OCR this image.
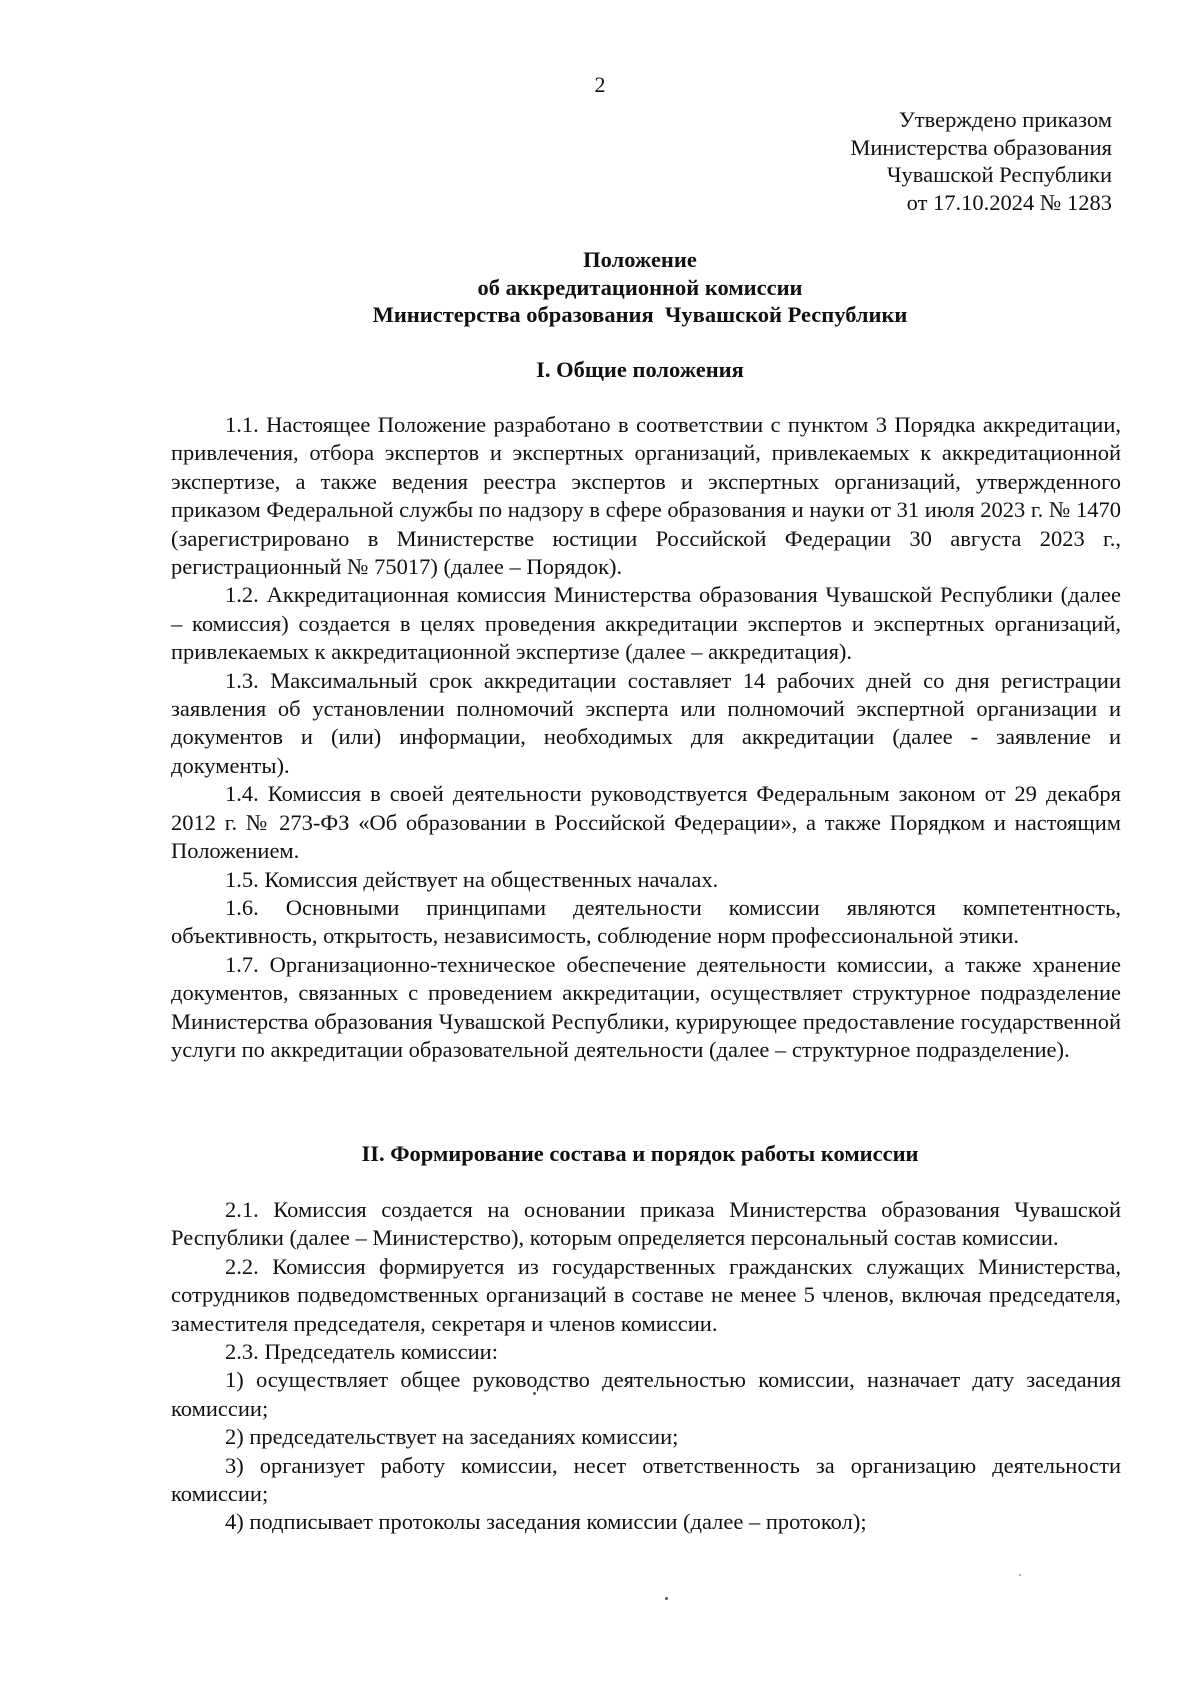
2
Утверждено приказом
Министерства образования
Чувашской Республики
от 17.10.2024 № 1283
Положение
об аккредитационной комиссии
Министерства образования  Чувашской Республики
I. Общие положения

1.1. Настоящее Положение разработано в соответствии с пунктом 3 Порядка аккредитации, привлечения, отбора экспертов и экспертных организаций, привлекаемых к аккредитационной экспертизе, а также ведения реестра экспертов и экспертных организаций, утвержденного приказом Федеральной службы по надзору в сфере образования и науки от 31 июля 2023 г. № 1470 (зарегистрировано в Министерстве юстиции Российской Федерации 30 августа 2023 г., регистрационный № 75017) (далее – Порядок).

1.2. Аккредитационная комиссия Министерства образования Чувашской Республики (далее – комиссия) создается в целях проведения аккредитации экспертов и экспертных организаций, привлекаемых к аккредитационной экспертизе (далее – аккредитация).

1.3. Максимальный срок аккредитации составляет 14 рабочих дней со дня регистрации заявления об установлении полномочий эксперта или полномочий экспертной организации и документов и (или) информации, необходимых для аккредитации (далее - заявление и документы).

1.4. Комиссия в своей деятельности руководствуется Федеральным законом от 29 декабря 2012 г. № 273-ФЗ «Об образовании в Российской Федерации», а также Порядком и настоящим Положением.

1.5. Комиссия действует на общественных началах.

1.6. Основными принципами деятельности комиссии являются компетентность, объективность, открытость, независимость, соблюдение норм профессиональной этики.

1.7. Организационно-техническое обеспечение деятельности комиссии, а также хранение документов, связанных с проведением аккредитации, осуществляет структурное подразделение Министерства образования Чувашской Республики, курирующее предоставление государственной услуги по аккредитации образовательной деятельности (далее – структурное подразделение).

II. Формирование состава и порядок работы комиссии

2.1. Комиссия создается на основании приказа Министерства образования Чувашской Республики (далее – Министерство), которым определяется персональный состав комиссии.

2.2. Комиссия формируется из государственных гражданских служащих Министерства, сотрудников подведомственных организаций в составе не менее 5 членов, включая председателя, заместителя председателя, секретаря и членов комиссии.

2.3. Председатель комиссии:

1) осуществляет общее руководство деятельностью комиссии, назначает дату заседания комиссии;

2) председательствует на заседаниях комиссии;

3) организует работу комиссии, несет ответственность за организацию деятельности комиссии;

4) подписывает протоколы заседания комиссии (далее – протокол);
